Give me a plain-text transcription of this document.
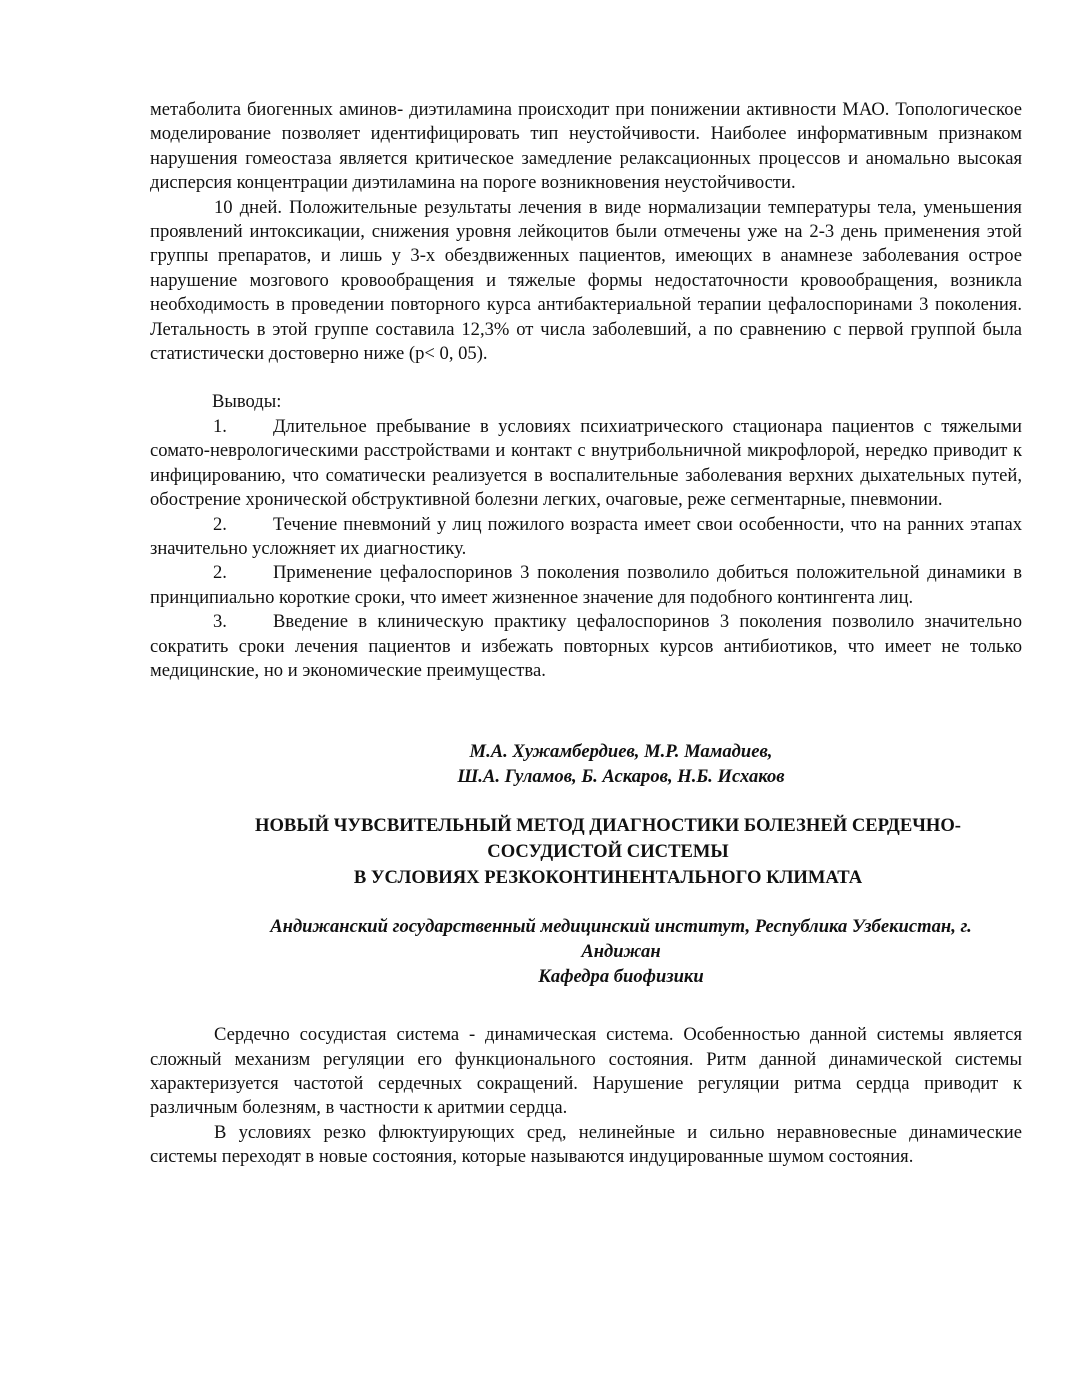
метаболита биогенных аминов- диэтиламина происходит при понижении активности МАО. Топологическое моделирование позволяет идентифицировать тип неустойчивости. Наиболее информативным признаком нарушения гомеостаза является критическое замедление релаксационных процессов и аномально высокая дисперсия концентрации диэтиламина на пороге возникновения неустойчивости.

10 дней. Положительные результаты лечения в виде нормализации температуры тела, уменьшения проявлений интоксикации, снижения уровня лейкоцитов были отмечены уже на 2-3 день применения этой группы препаратов, и лишь у 3-х обездвиженных пациентов, имеющих в анамнезе заболевания острое нарушение мозгового кровообращения и тяжелые формы недостаточности кровообращения, возникла необходимость в проведении повторного курса антибактериальной терапии цефалоспоринами 3 поколения. Летальность в этой группе составила 12,3% от числа заболевший, а по сравнению с первой группой была статистически достоверно ниже (р< 0, 05).

Выводы:

1. Длительное пребывание в условиях психиатрического стационара пациентов с тяжелыми сомато-неврологическими расстройствами и контакт с внутрибольничной микрофлорой, нередко приводит к инфицированию, что соматически реализуется в воспалительные заболевания верхних дыхательных путей, обострение хронической обструктивной болезни легких, очаговые, реже сегментарные, пневмонии.

2. Течение пневмоний у лиц пожилого возраста имеет свои особенности, что на ранних этапах значительно усложняет их диагностику.

2. Применение цефалоспоринов 3 поколения позволило добиться положительной динамики в принципиально короткие сроки, что имеет жизненное значение для подобного контингента лиц.

3. Введение в клиническую практику цефалоспоринов 3 поколения позволило значительно сократить сроки лечения пациентов и избежать повторных курсов антибиотиков, что имеет не только медицинские, но и экономические преимущества.

М.А. Хужамбердиев, М.Р. Мамадиев,
Ш.А. Гуламов, Б. Аскаров, Н.Б. Исхаков
НОВЫЙ ЧУВСВИТЕЛЬНЫЙ МЕТОД ДИАГНОСТИКИ БОЛЕЗНЕЙ СЕРДЕЧНО-
СОСУДИСТОЙ СИСТЕМЫ
В УСЛОВИЯХ РЕЗКОКОНТИНЕНТАЛЬНОГО КЛИМАТА
Андижанский государственный медицинский институт, Республика Узбекистан, г.
Андижан
Кафедра биофизики

Сердечно сосудистая система - динамическая система. Особенностью данной системы является сложный механизм регуляции его функционального состояния. Ритм данной динамической системы характеризуется частотой сердечных сокращений. Нарушение регуляции ритма сердца приводит к различным болезням, в частности к аритмии сердца.

В условиях резко флюктуирующих сред, нелинейные и сильно неравновесные динамические системы переходят в новые состояния, которые называются индуцированные шумом состояния.
